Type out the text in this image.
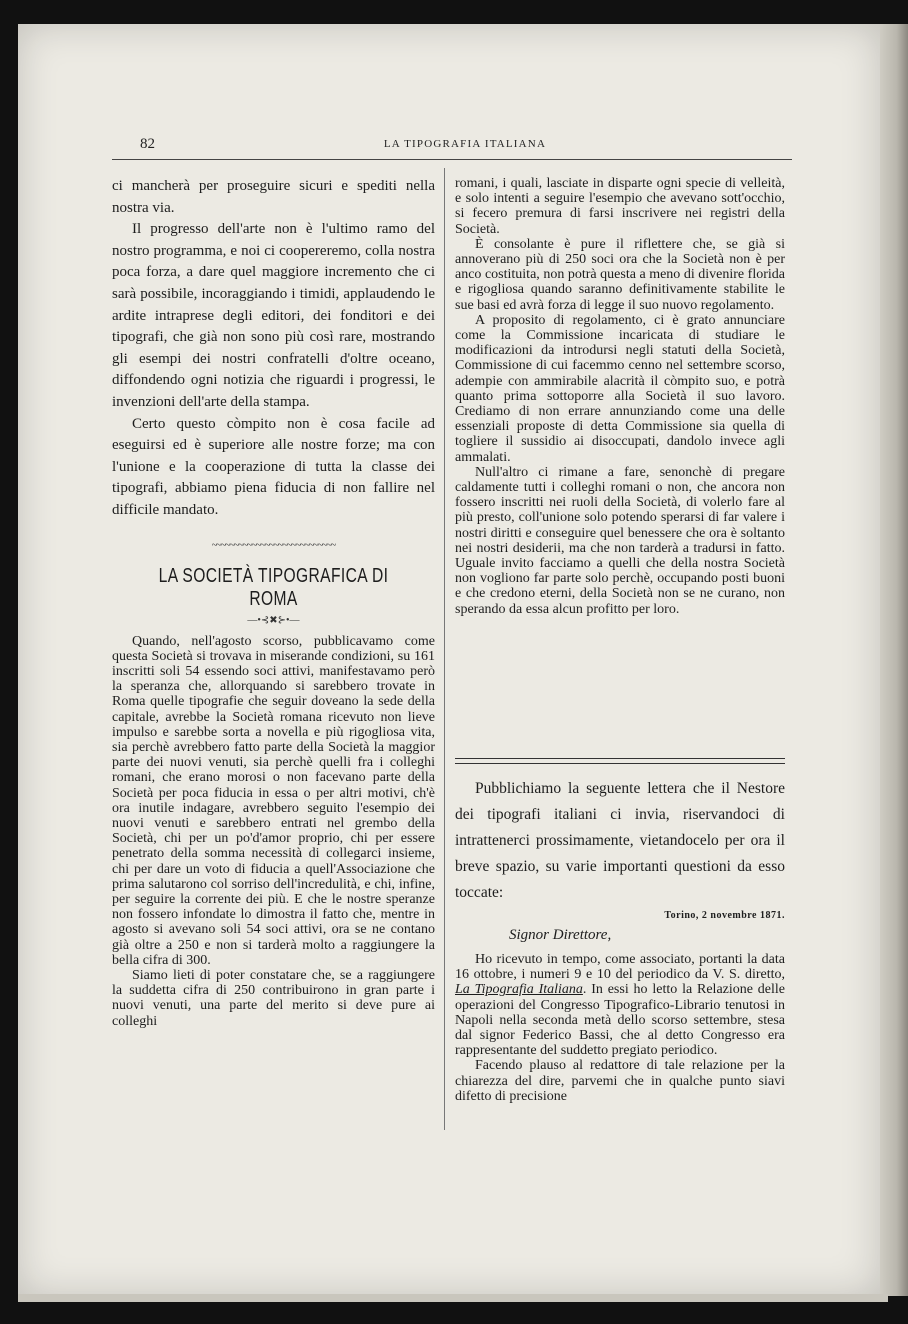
82	LA TIPOGRAFIA ITALIANA

ci mancherà per proseguire sicuri e spediti nella nostra via.

Il progresso dell'arte non è l'ultimo ramo del nostro programma, e noi ci coopereremo, colla nostra poca forza, a dare quel maggiore incremento che ci sarà possibile, incoraggiando i timidi, applaudendo le ardite intraprese degli editori, dei fonditori e dei tipografi, che già non sono più così rare, mostrando gli esempi dei nostri confratelli d'oltre oceano, diffondendo ogni notizia che riguardi i progressi, le invenzioni dell'arte della stampa.

Certo questo còmpito non è cosa facile ad eseguirsi ed è superiore alle nostre forze; ma con l'unione e la cooperazione di tutta la classe dei tipografi, abbiamo piena fiducia di non fallire nel difficile mandato.

~~~~~~~~~~~~~~~~~~~~~~~~~~~~
LA SOCIETÀ TIPOGRAFICA DI ROMA
—•⊰✖⊱•—

Quando, nell'agosto scorso, pubblicavamo come questa Società si trovava in miserande condizioni, su 161 inscritti soli 54 essendo soci attivi, manifestavamo però la speranza che, allorquando si sarebbero trovate in Roma quelle tipografie che seguir doveano la sede della capitale, avrebbe la Società romana ricevuto non lieve impulso e sarebbe sorta a novella e più rigogliosa vita, sia perchè avrebbero fatto parte della Società la maggior parte dei nuovi venuti, sia perchè quelli fra i colleghi romani, che erano morosi o non facevano parte della Società per poca fiducia in essa o per altri motivi, ch'è ora inutile indagare, avrebbero seguito l'esempio dei nuovi venuti e sarebbero entrati nel grembo della Società, chi per un po'd'amor proprio, chi per essere penetrato della somma necessità di collegarci insieme, chi per dare un voto di fiducia a quell'Associazione che prima salutarono col sorriso dell'incredulità, e chi, infine, per seguire la corrente dei più. E che le nostre speranze non fossero infondate lo dimostra il fatto che, mentre in agosto si avevano soli 54 soci attivi, ora se ne contano già oltre a 250 e non si tarderà molto a raggiungere la bella cifra di 300.

Siamo lieti di poter constatare che, se a raggiungere la suddetta cifra di 250 contribuirono in gran parte i nuovi venuti, una parte del merito si deve pure ai colleghi

romani, i quali, lasciate in disparte ogni specie di velleità, e solo intenti a seguire l'esempio che avevano sott'occhio, si fecero premura di farsi inscrivere nei registri della Società.

È consolante è pure il riflettere che, se già si annoverano più di 250 soci ora che la Società non è per anco costituita, non potrà questa a meno di divenire florida e rigogliosa quando saranno definitivamente stabilite le sue basi ed avrà forza di legge il suo nuovo regolamento.

A proposito di regolamento, ci è grato annunciare come la Commissione incaricata di studiare le modificazioni da introdursi negli statuti della Società, Commissione di cui facemmo cenno nel settembre scorso, adempie con ammirabile alacrità il còmpito suo, e potrà quanto prima sottoporre alla Società il suo lavoro. Crediamo di non errare annunziando come una delle essenziali proposte di detta Commissione sia quella di togliere il sussidio ai disoccupati, dandolo invece agli ammalati.

Null'altro ci rimane a fare, senonchè di pregare caldamente tutti i colleghi romani o non, che ancora non fossero inscritti nei ruoli della Società, di volerlo fare al più presto, coll'unione solo potendo sperarsi di far valere i nostri diritti e conseguire quel benessere che ora è soltanto nei nostri desiderii, ma che non tarderà a tradursi in fatto. Uguale invito facciamo a quelli che della nostra Società non vogliono far parte solo perchè, occupando posti buoni e che credono eterni, della Società non se ne curano, non sperando da essa alcun profitto per loro.

Pubblichiamo la seguente lettera che il Nestore dei tipografi italiani ci invia, riservandoci di intrattenerci prossimamente, vietandocelo per ora il breve spazio, su varie importanti questioni da esso toccate:

Torino, 2 novembre 1871.
Signor Direttore,

Ho ricevuto in tempo, come associato, portanti la data 16 ottobre, i numeri 9 e 10 del periodico da V. S. diretto, La Tipografia Italiana. In essi ho letto la Relazione delle operazioni del Congresso Tipografico-Librario tenutosi in Napoli nella seconda metà dello scorso settembre, stesa dal signor Federico Bassi, che al detto Congresso era rappresentante del suddetto pregiato periodico.

Facendo plauso al redattore di tale relazione per la chiarezza del dire, parvemi che in qualche punto siavi difetto di precisione
